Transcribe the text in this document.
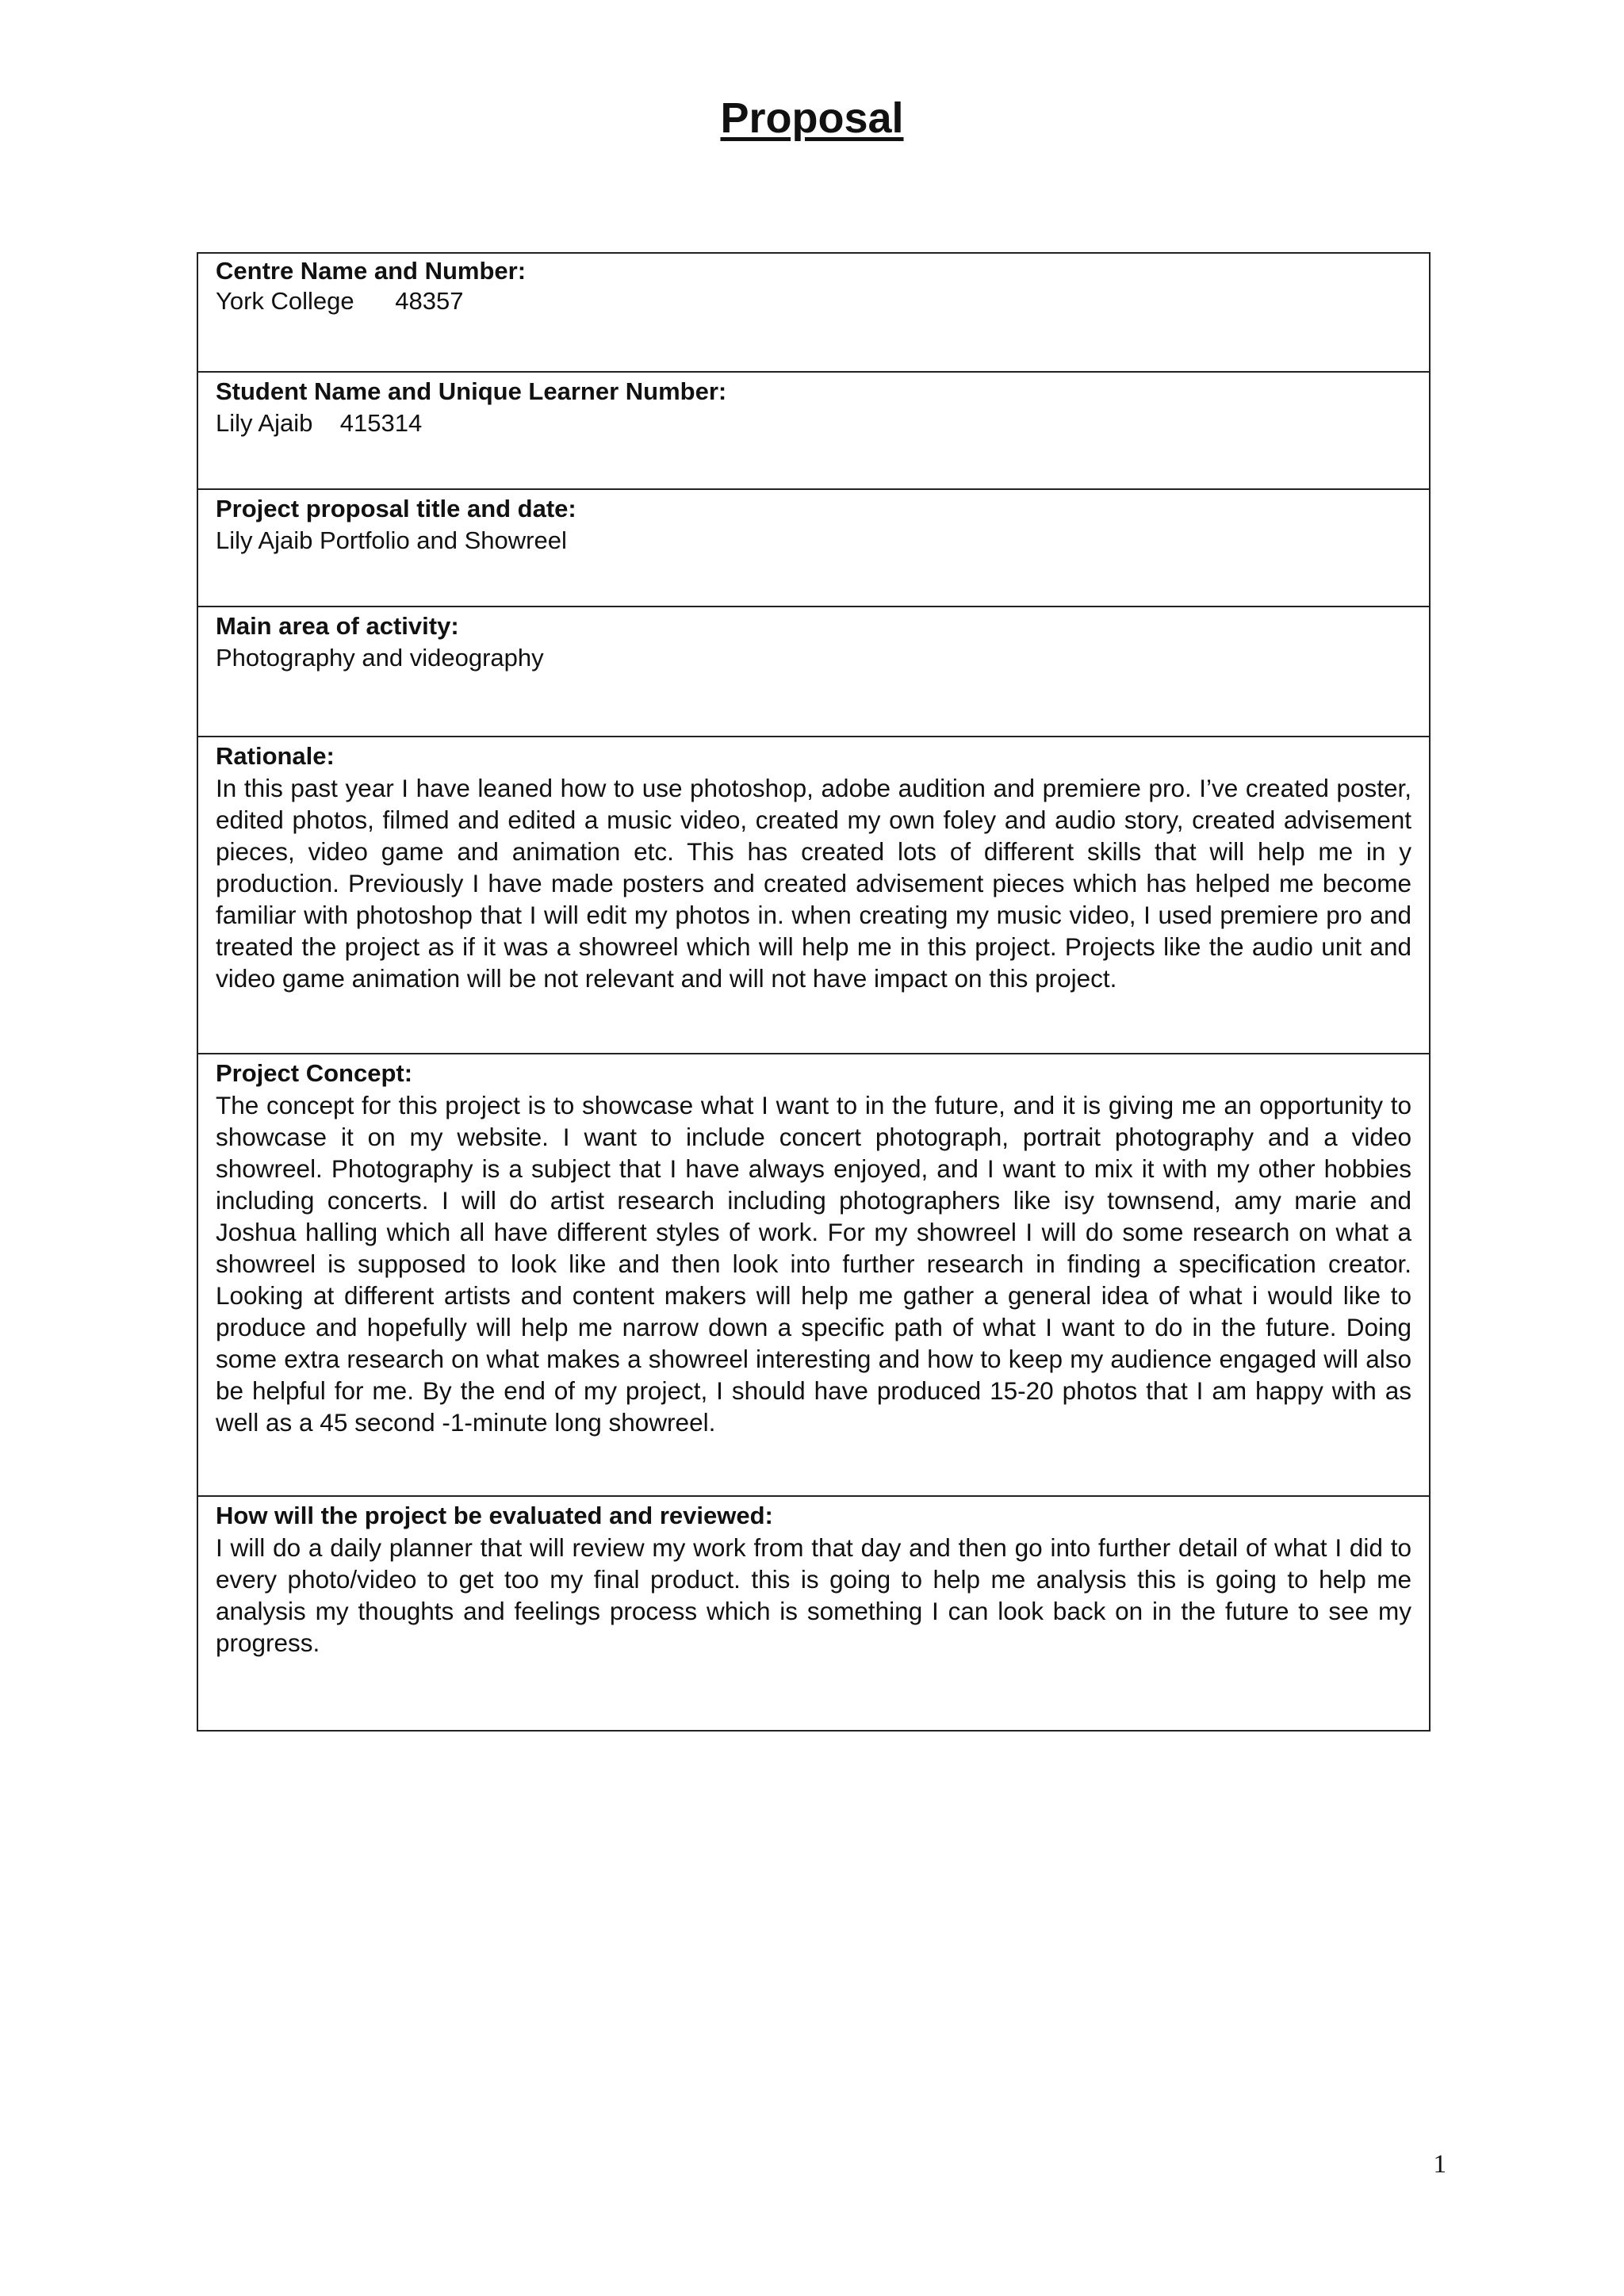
Proposal
Centre Name and Number:
York College      48357
Student Name and Unique Learner Number:
Lily Ajaib    415314
Project proposal title and date:
Lily Ajaib Portfolio and Showreel
Main area of activity:
Photography and videography
Rationale:
In this past year I have leaned how to use photoshop, adobe audition and premiere pro. I’ve created poster, edited photos, filmed and edited a music video, created my own foley and audio story, created advisement pieces, video game and animation etc. This has created lots of different skills that will help me in y production. Previously I have made posters and created advisement pieces which has helped me become familiar with photoshop that I will edit my photos in. when creating my music video, I used premiere pro and treated the project as if it was a showreel which will help me in this project. Projects like the audio unit and video game animation will be not relevant and will not have impact on this project.
Project Concept:
The concept for this project is to showcase what I want to in the future, and it is giving me an opportunity to showcase it on my website. I want to include concert photograph, portrait photography and a video showreel. Photography is a subject that I have always enjoyed, and I want to mix it with my other hobbies including concerts. I will do artist research including photographers like isy townsend, amy marie and Joshua halling which all have different styles of work. For my showreel I will do some research on what a showreel is supposed to look like and then look into further research in finding a specification creator. Looking at different artists and content makers will help me gather a general idea of what i would like to produce and hopefully will help me narrow down a specific path of what I want to do in the future. Doing some extra research on what makes a showreel interesting and how to keep my audience engaged will also be helpful for me. By the end of my project, I should have produced 15-20 photos that I am happy with as well as a 45 second -1-minute long showreel.
How will the project be evaluated and reviewed:
I will do a daily planner that will review my work from that day and then go into further detail of what I did to every photo/video to get too my final product. this is going to help me analysis this is going to help me analysis my thoughts and feelings process which is something I can look back on in the future to see my progress.
1
